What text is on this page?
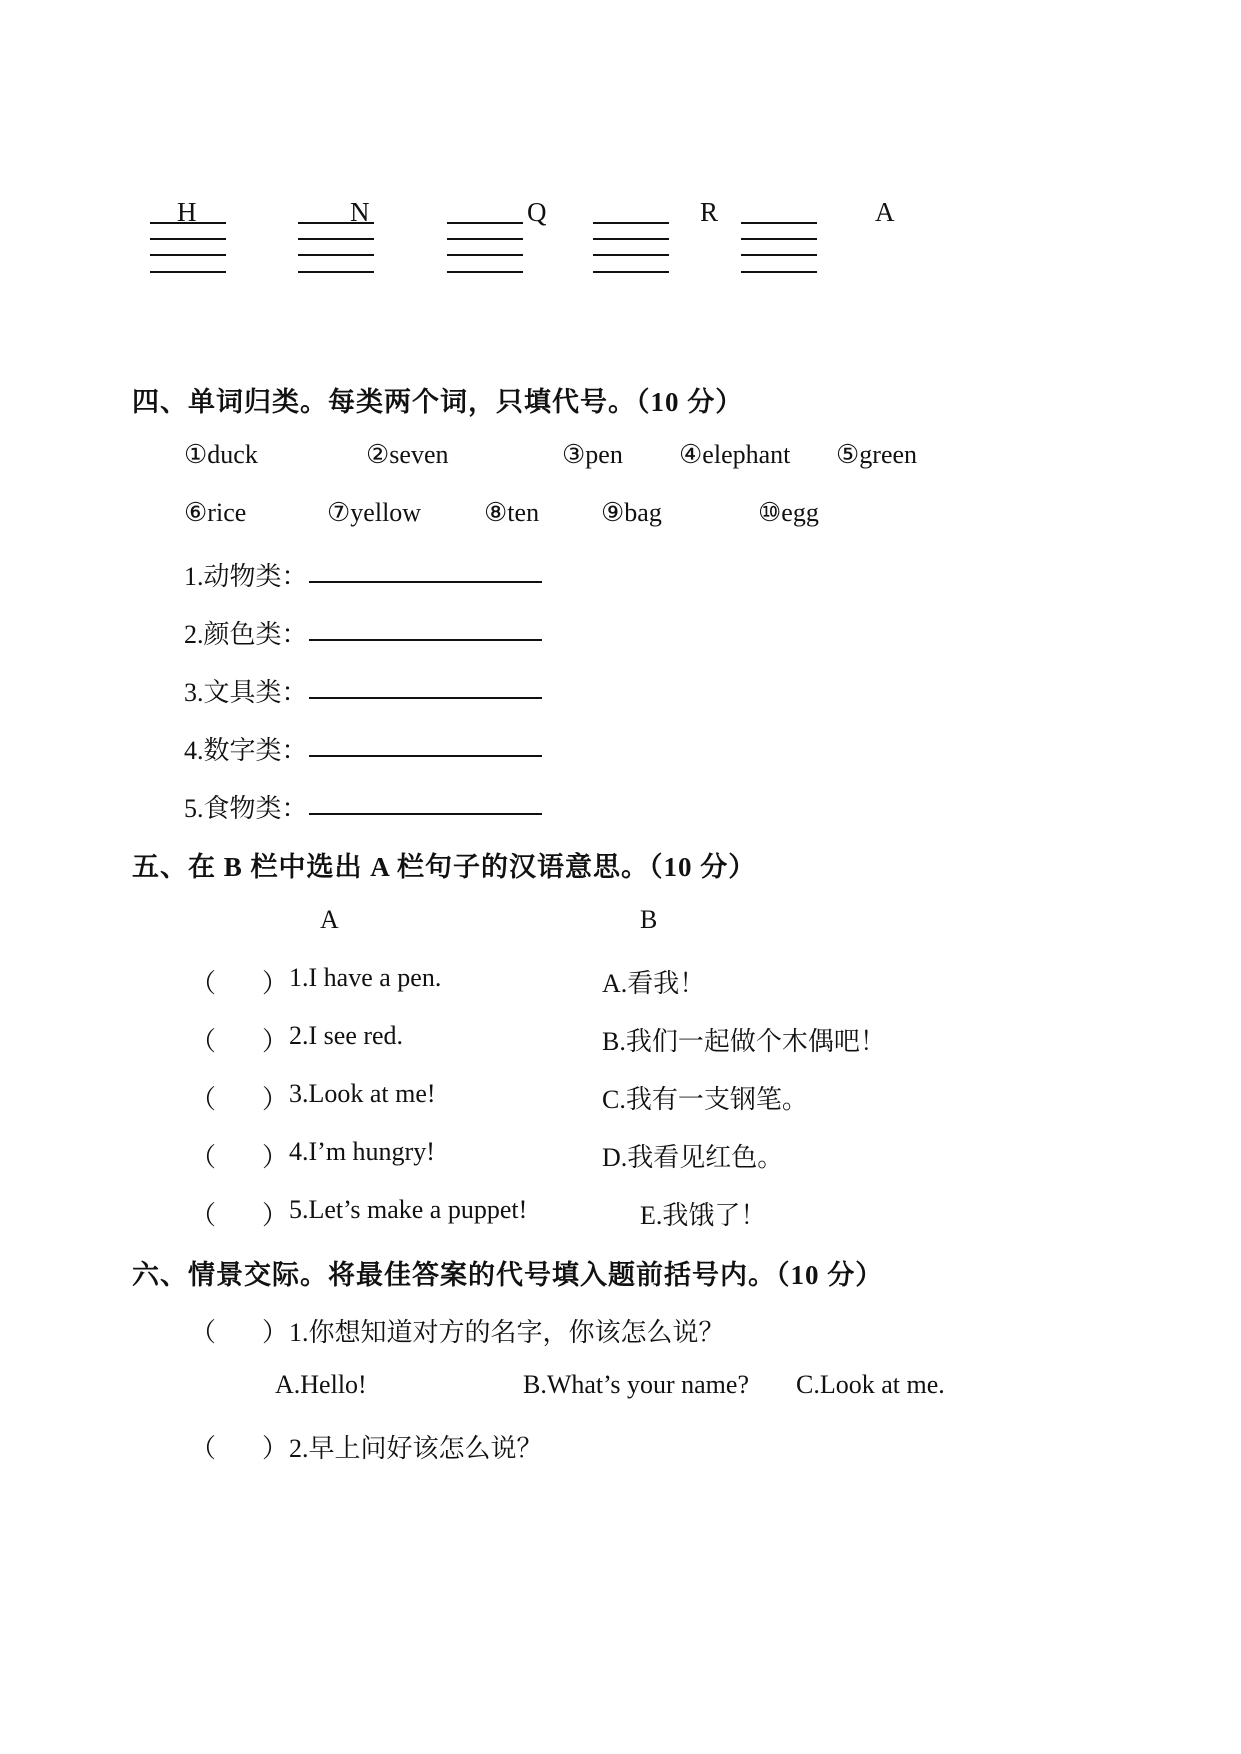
H	N	Q	R	A
四、单词归类。每类两个词，只填代号。（10 分）
①duck	②seven	③pen ④elephant ⑤green
⑥rice	⑦yellow ⑧ten ⑨bag	⑩egg
1.动物类：
2.颜色类：
3.文具类：
4.数字类：
5.食物类：
五、在 B 栏中选出 A 栏句子的汉语意思。（10 分）
A	B
（ ） 1.I have a pen.	A.看我！
（ ） 2.I see red.	B.我们一起做个木偶吧！
（ ） 3.Look at me!	C.我有一支钢笔。
（ ） 4.I’m hungry!	D.我看见红色。
（ ） 5.Let’s make a puppet!	E.我饿了！
六、情景交际。将最佳答案的代号填入题前括号内。（10 分）
（ ） 1.你想知道对方的名字，你该怎么说？
A.Hello!	B.What’s your name? C.Look at me.
（ ） 2.早上问好该怎么说？
